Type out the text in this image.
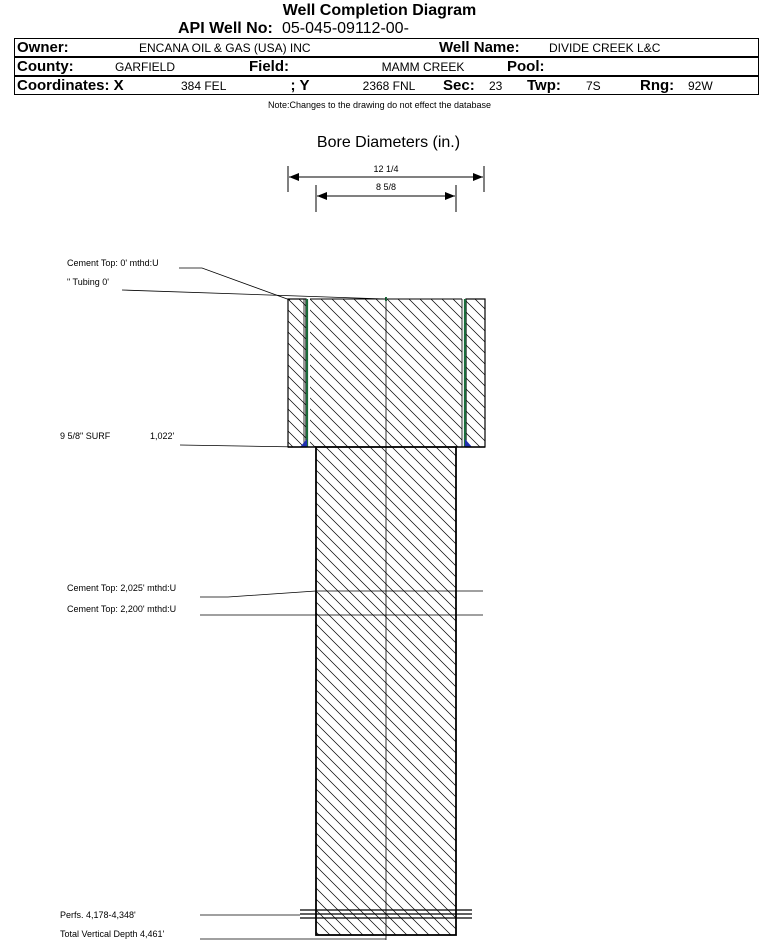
Well Completion Diagram
API Well No: 05-045-09112-00-
Owner:	ENCANA OIL & GAS (USA) INC	Well Name:	DIVIDE CREEK L&C
County:	GARFIELD	Field:	MAMM CREEK	Pool:	
Coordinates: X	384 FEL	; Y	2368 FNL	Sec:	23	Twp:	7S	Rng:	92W
Note:Changes to the drawing do not effect the database
Bore Diameters (in.)
12 1/4
8 5/8
Cement Top: 0' mthd:U
" Tubing 0'
9 5/8" SURF	1,022'
Cement Top: 2,025' mthd:U
Cement Top: 2,200' mthd:U
Perfs. 4,178-4,348'
Total Vertical Depth 4,461'
